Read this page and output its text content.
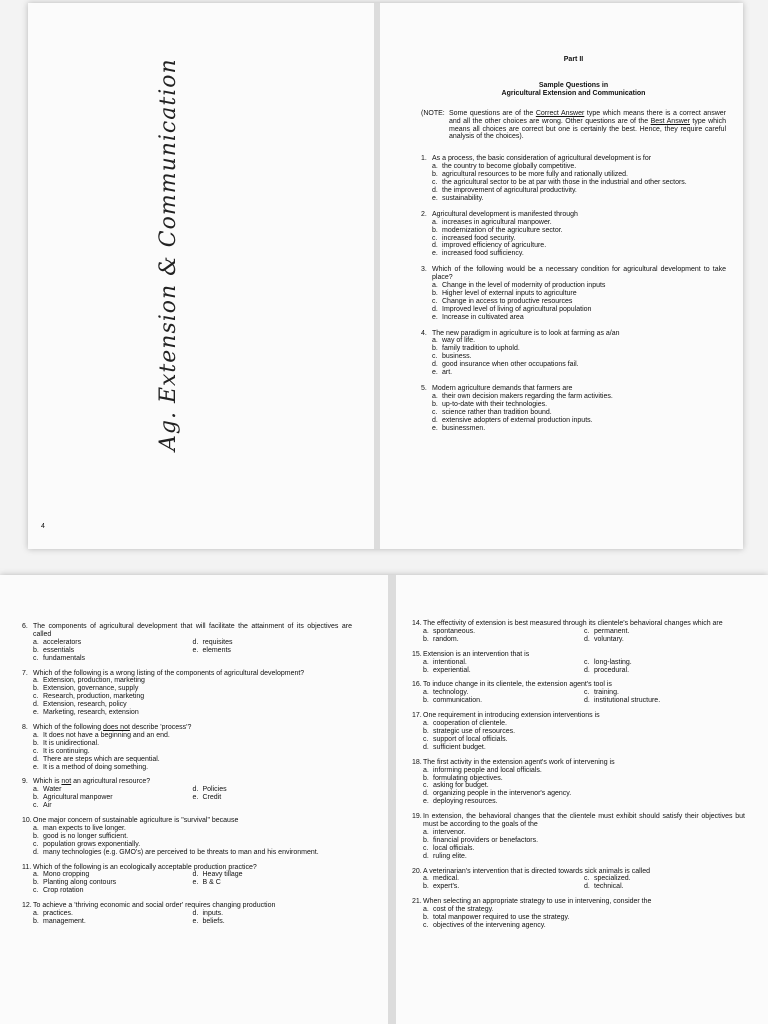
Ag. Extension & Communication
4
Part II
Sample Questions in
Agricultural Extension and Communication
(NOTE: Some questions are of the Correct Answer type which means there is a correct answer and all the other choices are wrong. Other questions are of the Best Answer type which means all choices are correct but one is certainly the best. Hence, they require careful analysis of the choices).
1. As a process, the basic consideration of agricultural development is for
a. the country to become globally competitive.
b. agricultural resources to be more fully and rationally utilized.
c. the agricultural sector to be at par with those in the industrial and other sectors.
d. the improvement of agricultural productivity.
e. sustainability.
2. Agricultural development is manifested through
a. increases in agricultural manpower.
b. modernization of the agriculture sector.
c. increased food security.
d. improved efficiency of agriculture.
e. increased food sufficiency.
3. Which of the following would be a necessary condition for agricultural development to take place?
a. Change in the level of modernity of production inputs
b. Higher level of external inputs to agriculture
c. Change in access to productive resources
d. Improved level of living of agricultural population
e. Increase in cultivated area
4. The new paradigm in agriculture is to look at farming as a/an
a. way of life.
b. family tradition to uphold.
c. business.
d. good insurance when other occupations fail.
e. art.
5. Modern agriculture demands that farmers are
a. their own decision makers regarding the farm activities.
b. up-to-date with their technologies.
c. science rather than tradition bound.
d. extensive adopters of external production inputs.
e. businessmen.
6. The components of agricultural development that will facilitate the attainment of its objectives are called
a. accelerators	d. requisites
b. essentials	e. elements
c. fundamentals
7. Which of the following is a wrong listing of the components of agricultural development?
a. Extension, production, marketing
b. Extension, governance, supply
c. Research, production, marketing
d. Extension, research, policy
e. Marketing, research, extension
8. Which of the following does not describe 'process'?
a. It does not have a beginning and an end.
b. It is unidirectional.
c. It is continuing.
d. There are steps which are sequential.
e. It is a method of doing something.
9. Which is not an agricultural resource?
a. Water	d. Policies
b. Agricultural manpower	e. Credit
c. Air
10. One major concern of sustainable agriculture is "survival" because
a. man expects to live longer.
b. good is no longer sufficient.
c. population grows exponentially.
d. many technologies (e.g. GMO's) are perceived to be threats to man and his environment.
11. Which of the following is an ecologically acceptable production practice?
a. Mono cropping	d. Heavy tillage
b. Planting along contours	e. B & C
c. Crop rotation
12. To achieve a 'thriving economic and social order' requires changing production
a. practices.	d. inputs.
b. management.	e. beliefs.
14. The effectivity of extension is best measured through its clientele's behavioral changes which are
a. spontaneous.	c. permanent.
b. random.	d. voluntary.
15. Extension is an intervention that is
a. intentional.	c. long-lasting.
b. experiential.	d. procedural.
16. To induce change in its clientele, the extension agent's tool is
a. technology.	c. training.
b. communication.	d. institutional structure.
17. One requirement in introducing extension interventions is
a. cooperation of clientele.
b. strategic use of resources.
c. support of local officials.
d. sufficient budget.
18. The first activity in the extension agent's work of intervening is
a. informing people and local officials.
b. formulating objectives.
c. asking for budget.
d. organizing people in the intervenor's agency.
e. deploying resources.
19. In extension, the behavioral changes that the clientele must exhibit should satisfy their objectives but must be according to the goals of the
a. intervenor.
b. financial providers or benefactors.
c. local officials.
d. ruling elite.
20. A veterinarian's intervention that is directed towards sick animals is called
a. medical.	c. specialized.
b. expert's.	d. technical.
21. When selecting an appropriate strategy to use in intervening, consider the
a. cost of the strategy.
b. total manpower required to use the strategy.
c. objectives of the intervening agency.
